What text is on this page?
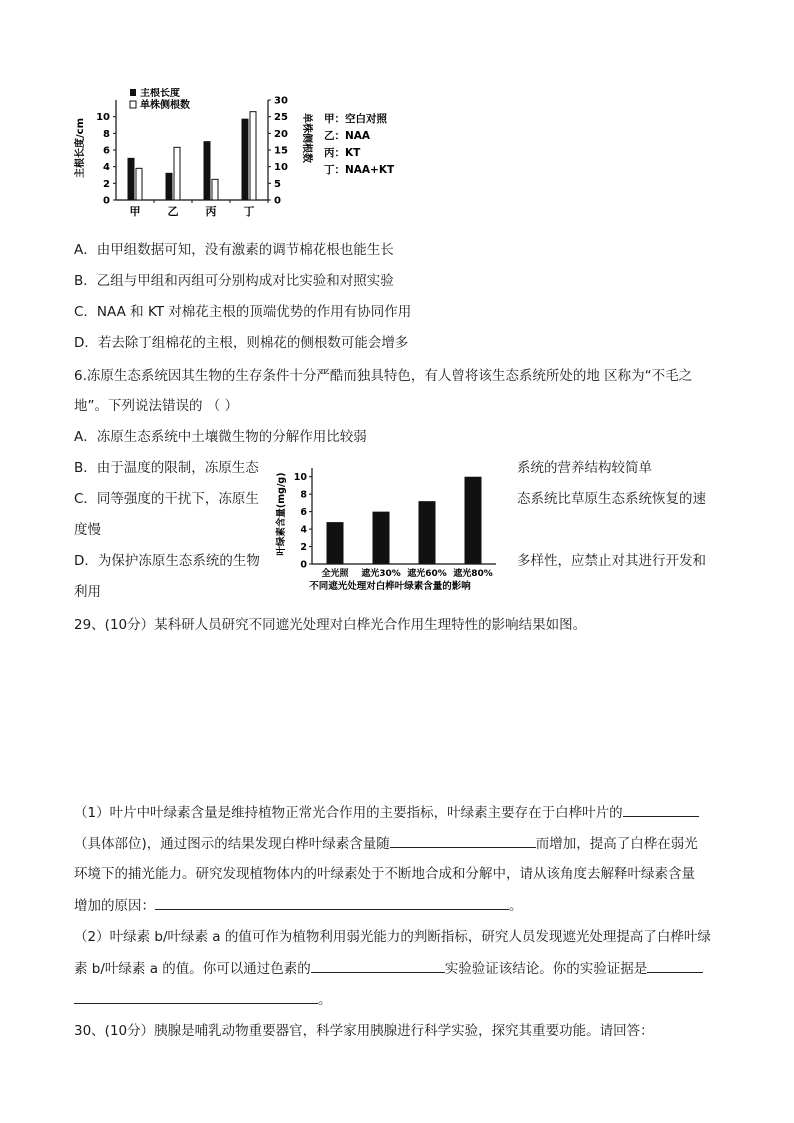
主根长度
单株侧根数
主根长度/cm	单株侧根数
0
2
4
6
8
10
0
5
10
15
20
25
30
甲 乙 丙 丁
甲：空白对照
乙：NAA
丙：KT
丁：NAA+KT
A．由甲组数据可知，没有激素的调节棉花根也能生长
B．乙组与甲组和丙组可分别构成对比实验和对照实验
C．NAA 和 KT 对棉花主根的顶端优势的作用有协同作用
D．若去除丁组棉花的主根，则棉花的侧根数可能会增多
6.冻原生态系统因其生物的生存条件十分严酷而独具特色，有人曾将该生态系统所处的地 区称为“不毛之
地”。下列说法错误的 （ ）
A．冻原生态系统中土壤微生物的分解作用比较弱
B．由于温度的限制，冻原生态	系统的营养结构较简单
C．同等强度的干扰下，冻原生	态系统比草原生态系统恢复的速
度慢
D．为保护冻原生态系统的生物	多样性，应禁止对其进行开发和
利用
叶绿素含量(mg/g)
0
2
4
6
8
10
全光照 遮光30% 遮光60% 遮光80%
不同遮光处理对白桦叶绿素含量的影响
29、(10分）某科研人员研究不同遮光处理对白桦光合作用生理特性的影响结果如图。
（1）叶片中叶绿素含量是维持植物正常光合作用的主要指标，叶绿素主要存在于白桦叶片的
（具体部位)，通过图示的结果发现白桦叶绿素含量随	而增加，提高了白桦在弱光
环境下的捕光能力。研究发现植物体内的叶绿素处于不断地合成和分解中，请从该角度去解释叶绿素含量
增加的原因：	。
（2）叶绿素 b/叶绿素 a 的值可作为植物利用弱光能力的判断指标，研究人员发现遮光处理提高了白桦叶绿
素 b/叶绿素 a 的值。你可以通过色素的	实验验证该结论。你的实验证据是
。
30、(10分）胰腺是哺乳动物重要器官，科学家用胰腺进行科学实验，探究其重要功能。请回答：
